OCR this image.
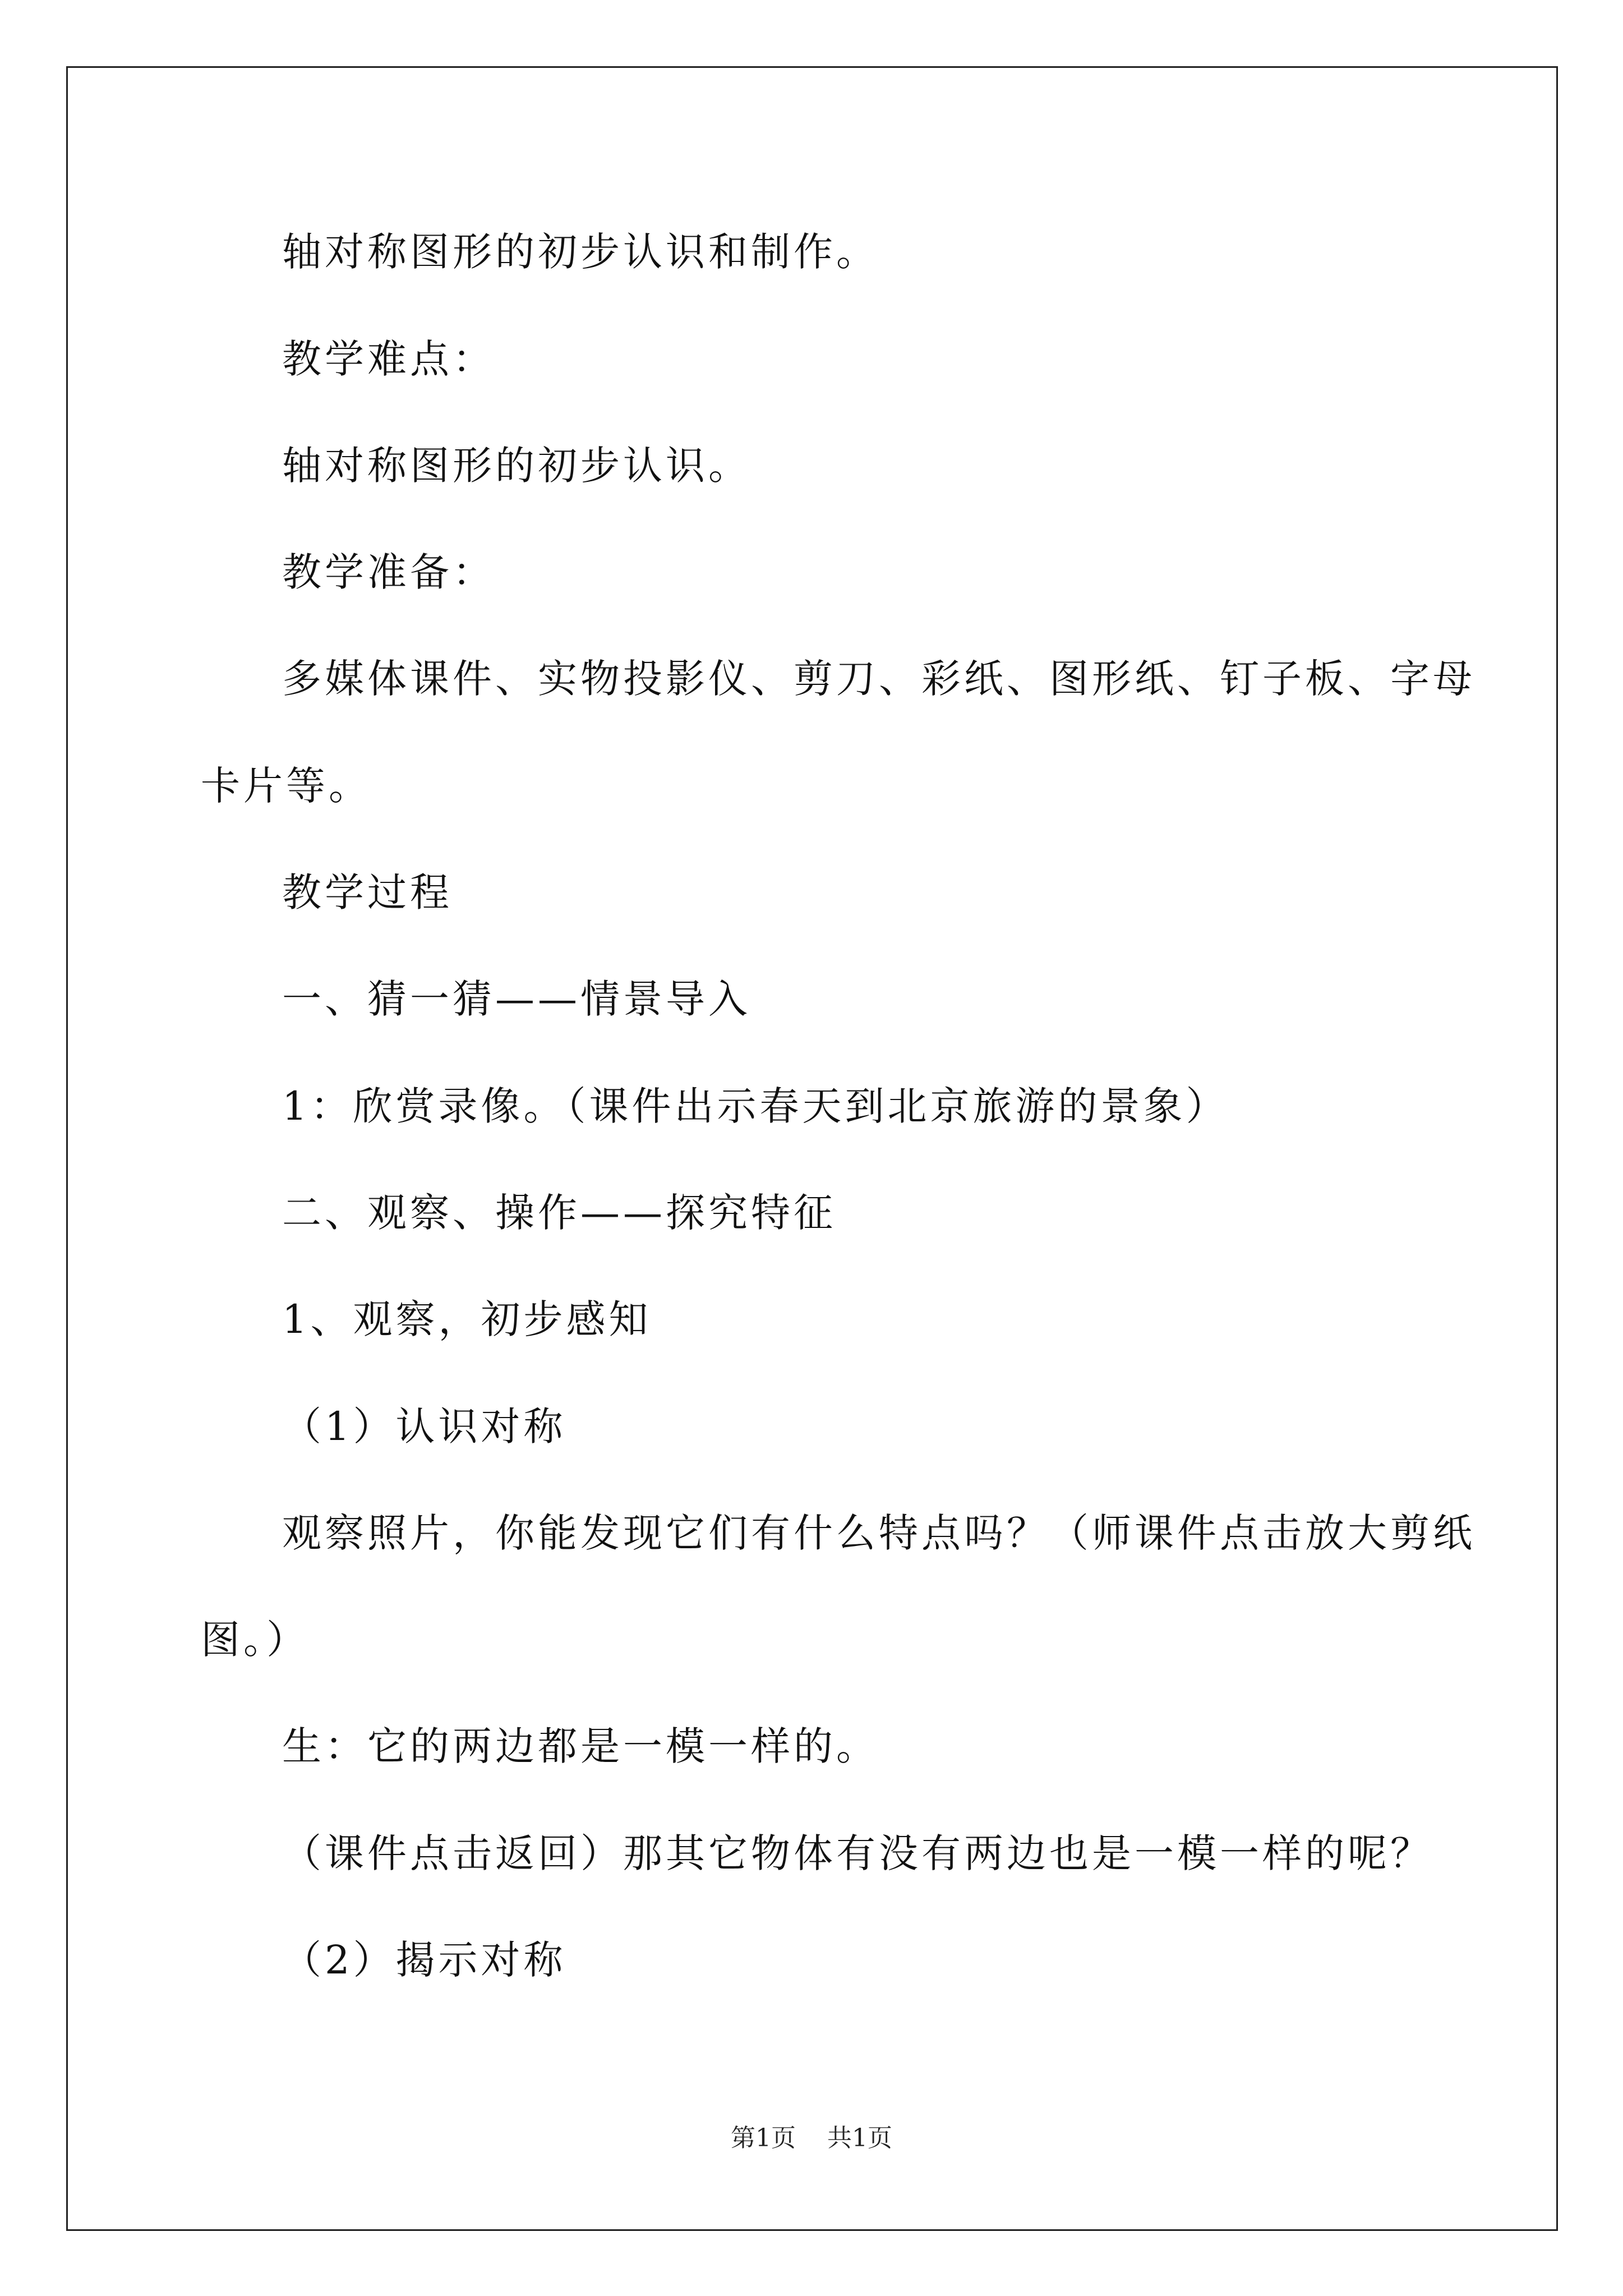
轴对称图形的初步认识和制作。
教学难点：
轴对称图形的初步认识。
教学准备：
多媒体课件、实物投影仪、剪刀、彩纸、图形纸、钉子板、字母
卡片等。
教学过程
一、猜一猜——情景导入
1：欣赏录像。（课件出示春天到北京旅游的景象）
二、观察、操作——探究特征
1、观察，初步感知
（1）认识对称
观察照片，你能发现它们有什么特点吗？（师课件点击放大剪纸
图。）
生：它的两边都是一模一样的。
（课件点击返回）那其它物体有没有两边也是一模一样的呢？
（2）揭示对称
第1页 共1页
